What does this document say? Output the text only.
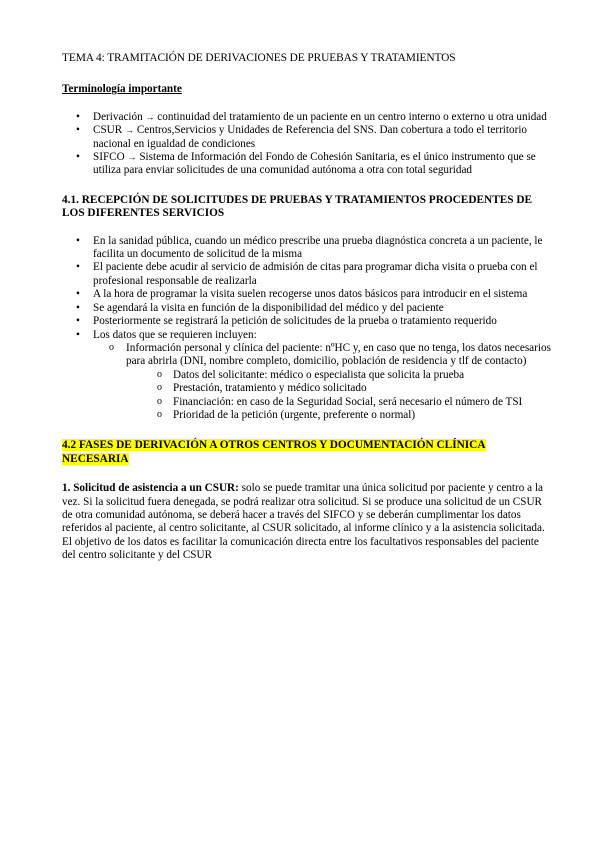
TEMA 4: TRAMITACIÓN DE DERIVACIONES DE PRUEBAS Y TRATAMIENTOS
Terminología importante
• Derivación → continuidad del tratamiento de un paciente en un centro interno o externo u otra unidad
• CSUR → Centros,Servicios y Unidades de Referencia del SNS. Dan cobertura a todo el territorio nacional en igualdad de condiciones
• SIFCO → Sistema de Información del Fondo de Cohesión Sanitaria, es el único instrumento que se utiliza para enviar solicitudes de una comunidad autónoma a otra con total seguridad
4.1. RECEPCIÓN DE SOLICITUDES DE PRUEBAS Y TRATAMIENTOS PROCEDENTES DE LOS DIFERENTES SERVICIOS
• En la sanidad pública, cuando un médico prescribe una prueba diagnóstica concreta a un paciente, le facilita un documento de solicitud de la misma
• El paciente debe acudir al servicio de admisión de citas para programar dicha visita o prueba con el profesional responsable de realizarla
• A la hora de programar la visita suelen recogerse unos datos básicos para introducir en el sistema
• Se agendará la visita en función de la disponibilidad del médico y del paciente
• Posteriormente se registrará la petición de solicitudes de la prueba o tratamiento requerido
• Los datos que se requieren incluyen:
o Información personal y clínica del paciente: nºHC y, en caso que no tenga, los datos necesarios para abrirla (DNI, nombre completo, domicilio, población de residencia y tlf de contacto)
o Datos del solicitante: médico o especialista que solicita la prueba
o Prestación, tratamiento y médico solicitado
o Financiación: en caso de la Seguridad Social, será necesario el número de TSI
o Prioridad de la petición (urgente, preferente o normal)
4.2 FASES DE DERIVACIÓN A OTROS CENTROS Y DOCUMENTACIÓN CLÍNICA NECESARIA

1. Solicitud de asistencia a un CSUR: solo se puede tramitar una única solicitud por paciente y centro a la vez. Si la solicitud fuera denegada, se podrá realizar otra solicitud. Si se produce una solicitud de un CSUR de otra comunidad autónoma, se deberá hacer a través del SIFCO y se deberán cumplimentar los datos referidos al paciente, al centro solicitante, al CSUR solicitado, al informe clínico y a la asistencia solicitada. El objetivo de los datos es facilitar la comunicación directa entre los facultativos responsables del paciente del centro solicitante y del CSUR
